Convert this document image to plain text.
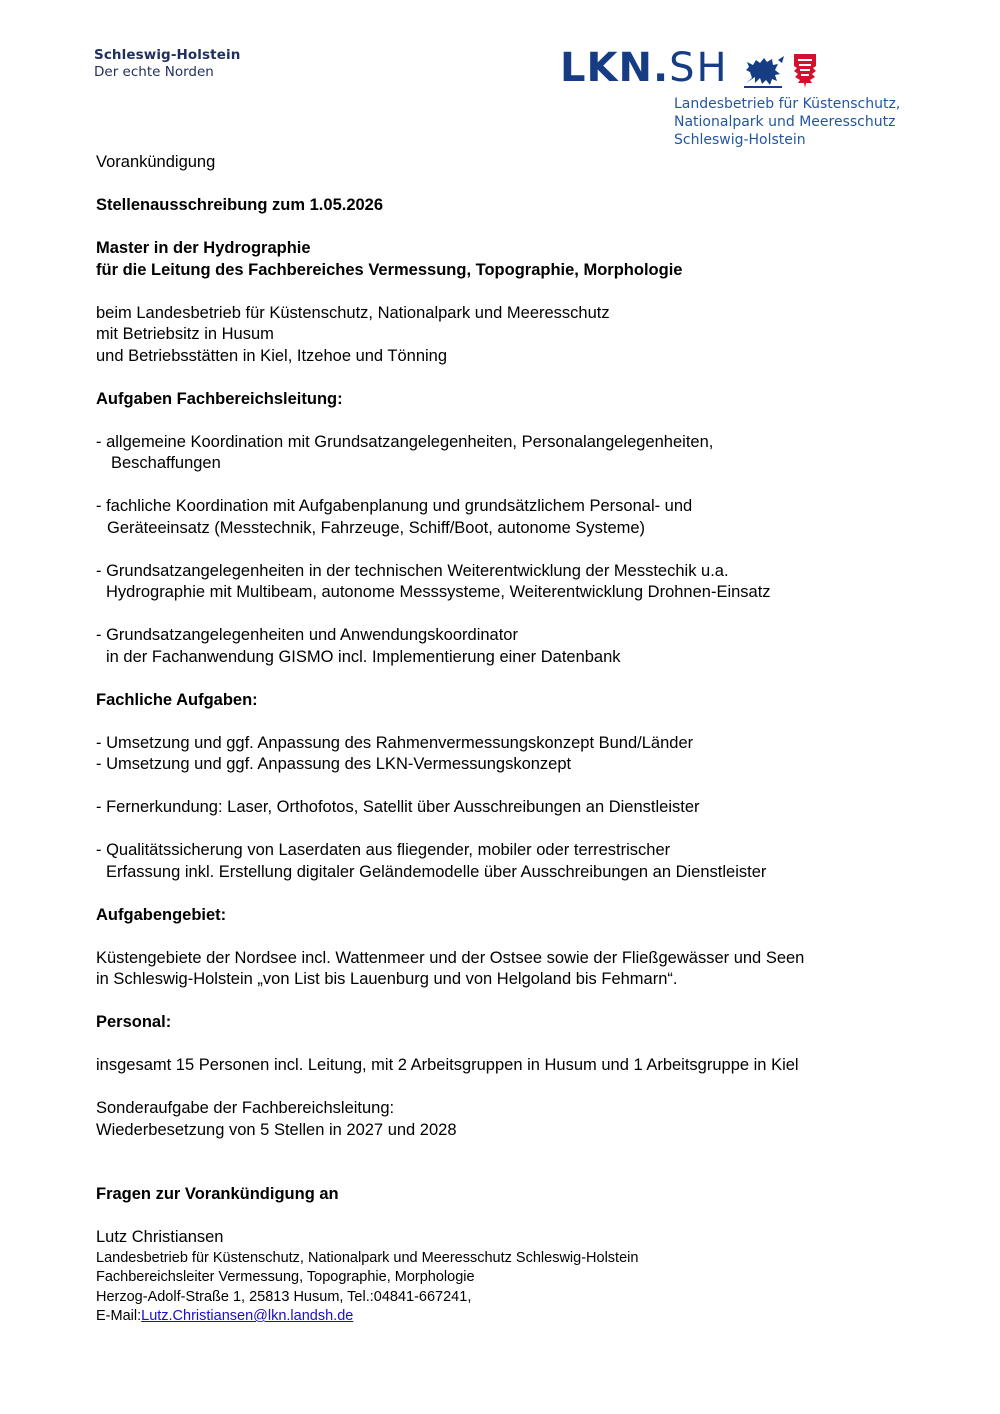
Schleswig-Holstein
Der echte Norden	LKN.SH
Landesbetrieb für Küstenschutz,
Nationalpark und Meeresschutz
Schleswig-Holstein

Vorankündigung

Stellenausschreibung zum 1.05.2026

Master in der Hydrographie

für die Leitung des Fachbereiches Vermessung, Topographie, Morphologie

beim Landesbetrieb für Küstenschutz, Nationalpark und Meeresschutz

mit Betriebsitz in Husum

und Betriebsstätten in Kiel, Itzehoe und Tönning

Aufgaben Fachbereichsleitung:

- allgemeine Koordination mit Grundsatzangelegenheiten, Personalangelegenheiten,

Beschaffungen

- fachliche Koordination mit Aufgabenplanung und grundsätzlichem Personal- und

Geräteeinsatz (Messtechnik, Fahrzeuge, Schiff/Boot, autonome Systeme)

- Grundsatzangelegenheiten in der technischen Weiterentwicklung der Messtechik u.a.

Hydrographie mit Multibeam, autonome Messsysteme, Weiterentwicklung Drohnen-Einsatz

- Grundsatzangelegenheiten und Anwendungskoordinator

in der Fachanwendung GISMO incl. Implementierung einer Datenbank

Fachliche Aufgaben:

- Umsetzung und ggf. Anpassung des Rahmenvermessungskonzept Bund/Länder

- Umsetzung und ggf. Anpassung des LKN-Vermessungskonzept

- Fernerkundung: Laser, Orthofotos, Satellit über Ausschreibungen an Dienstleister

- Qualitätssicherung von Laserdaten aus fliegender, mobiler oder terrestrischer

Erfassung inkl. Erstellung digitaler Geländemodelle über Ausschreibungen an Dienstleister

Aufgabengebiet:

Küstengebiete der Nordsee incl. Wattenmeer und der Ostsee sowie der Fließgewässer und Seen

in Schleswig-Holstein „von List bis Lauenburg und von Helgoland bis Fehmarn“.

Personal:

insgesamt 15 Personen incl. Leitung, mit 2 Arbeitsgruppen in Husum und 1 Arbeitsgruppe in Kiel

Sonderaufgabe der Fachbereichsleitung:

Wiederbesetzung von 5 Stellen in 2027 und 2028

Fragen zur Vorankündigung an

Lutz Christiansen

Landesbetrieb für Küstenschutz, Nationalpark und Meeresschutz Schleswig-Holstein

Fachbereichsleiter Vermessung, Topographie, Morphologie

Herzog-Adolf-Straße 1, 25813 Husum, Tel.:04841-667241,

E-Mail:Lutz.Christiansen@lkn.landsh.de
